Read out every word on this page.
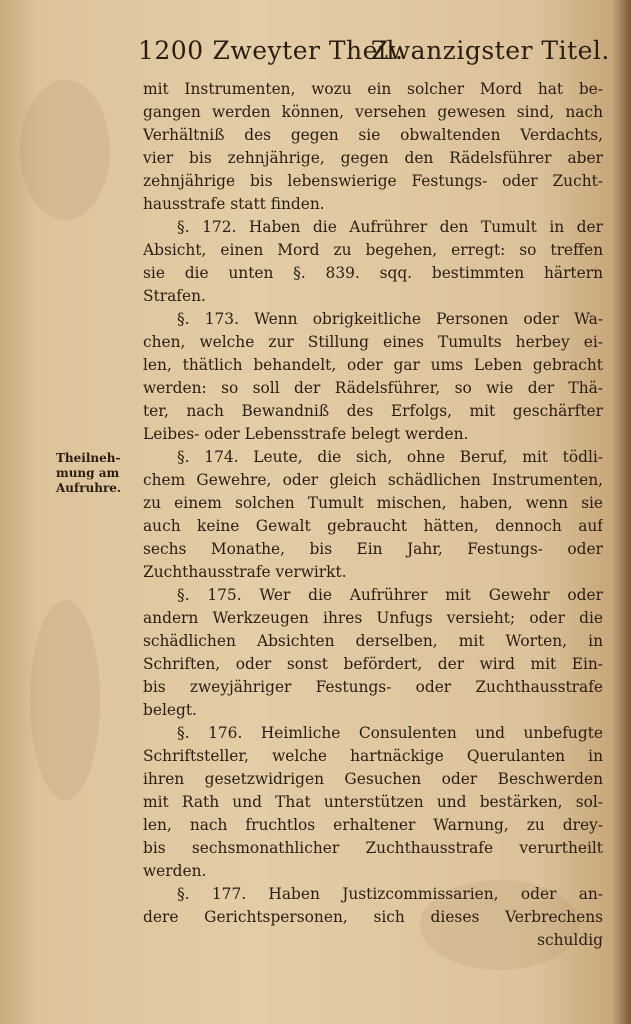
1200 Zweyter Theil. Zwanzigster Titel.
Theilneh-
mung am
Aufruhre.
mit Instrumenten, wozu ein solcher Mord hat be-
gangen werden können, versehen gewesen sind, nach
Verhältniß des gegen sie obwaltenden Verdachts,
vier bis zehnjährige, gegen den Rädelsführer aber
zehnjährige bis lebenswierige Festungs- oder Zucht-
hausstrafe statt finden.
§. 172. Haben die Aufrührer den Tumult in der
Absicht, einen Mord zu begehen, erregt: so treffen
sie die unten §. 839. sqq. bestimmten härtern
Strafen.
§. 173. Wenn obrigkeitliche Personen oder Wa-
chen, welche zur Stillung eines Tumults herbey ei-
len, thätlich behandelt, oder gar ums Leben gebracht
werden: so soll der Rädelsführer, so wie der Thä-
ter, nach Bewandniß des Erfolgs, mit geschärfter
Leibes- oder Lebensstrafe belegt werden.
§. 174. Leute, die sich, ohne Beruf, mit tödli-
chem Gewehre, oder gleich schädlichen Instrumenten,
zu einem solchen Tumult mischen, haben, wenn sie
auch keine Gewalt gebraucht hätten, dennoch auf
sechs Monathe, bis Ein Jahr, Festungs- oder
Zuchthausstrafe verwirkt.
§. 175. Wer die Aufrührer mit Gewehr oder
andern Werkzeugen ihres Unfugs versieht; oder die
schädlichen Absichten derselben, mit Worten, in
Schriften, oder sonst befördert, der wird mit Ein-
bis zweyjähriger Festungs- oder Zuchthausstrafe
belegt.
§. 176. Heimliche Consulenten und unbefugte
Schriftsteller, welche hartnäckige Querulanten in
ihren gesetzwidrigen Gesuchen oder Beschwerden
mit Rath und That unterstützen und bestärken, sol-
len, nach fruchtlos erhaltener Warnung, zu drey-
bis sechsmonathlicher Zuchthausstrafe verurtheilt
werden.
§. 177. Haben Justizcommissarien, oder an-
dere Gerichtspersonen, sich dieses Verbrechens
schuldig
